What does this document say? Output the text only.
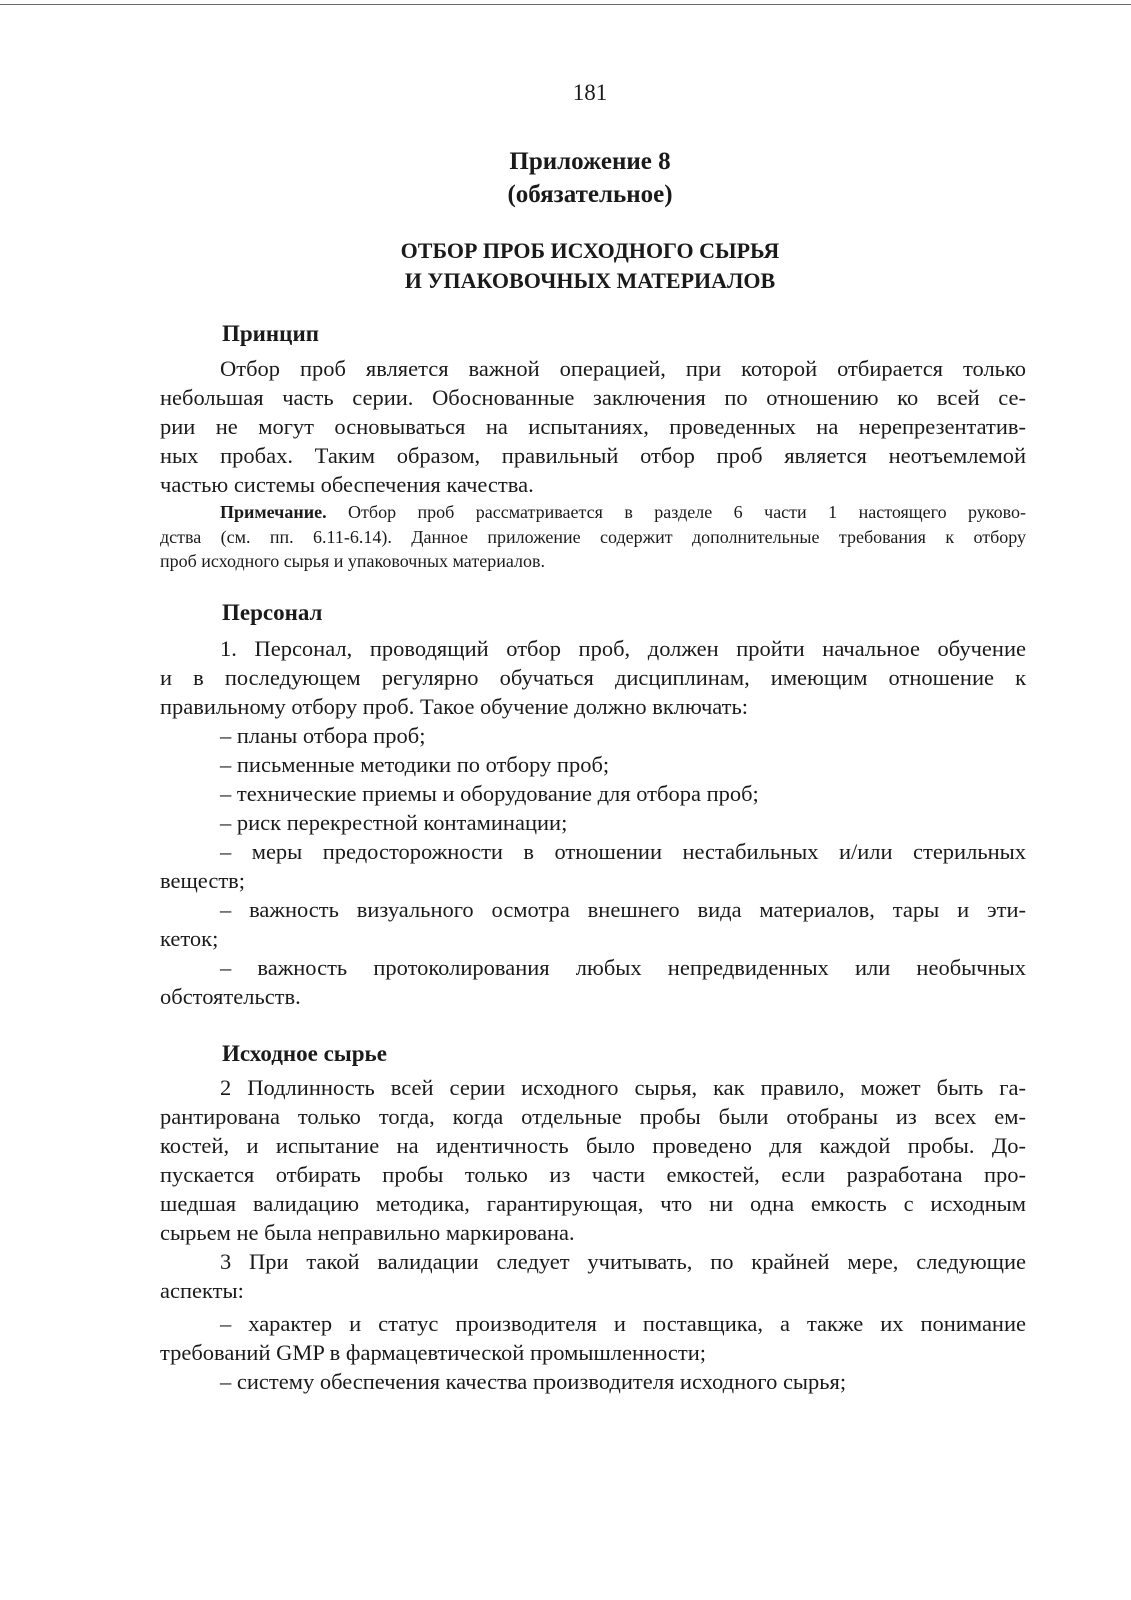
181
Приложение 8
(обязательное)
ОТБОР ПРОБ ИСХОДНОГО СЫРЬЯ
И УПАКОВОЧНЫХ МАТЕРИАЛОВ
Принцип
Отбор проб является важной операцией, при которой отбирается только
небольшая часть серии. Обоснованные заключения по отношению ко всей се-
рии не могут основываться на испытаниях, проведенных на нерепрезентатив-
ных пробах. Таким образом, правильный отбор проб является неотъемлемой
частью системы обеспечения качества.
Примечание. Отбор проб рассматривается в разделе 6 части 1 настоящего руково-
дства (см. пп. 6.11-6.14). Данное приложение содержит дополнительные требования к отбору
проб исходного сырья и упаковочных материалов.
Персонал
1. Персонал, проводящий отбор проб, должен пройти начальное обучение
и в последующем регулярно обучаться дисциплинам, имеющим отношение к
правильному отбору проб. Такое обучение должно включать:
– планы отбора проб;
– письменные методики по отбору проб;
– технические приемы и оборудование для отбора проб;
– риск перекрестной контаминации;
– меры предосторожности в отношении нестабильных и/или стерильных
веществ;
– важность визуального осмотра внешнего вида материалов, тары и эти-
кеток;
– важность протоколирования любых непредвиденных или необычных
обстоятельств.
Исходное сырье
2 Подлинность всей серии исходного сырья, как правило, может быть га-
рантирована только тогда, когда отдельные пробы были отобраны из всех ем-
костей, и испытание на идентичность было проведено для каждой пробы. До-
пускается отбирать пробы только из части емкостей, если разработана про-
шедшая валидацию методика, гарантирующая, что ни одна емкость с исходным
сырьем не была неправильно маркирована.
3 При такой валидации следует учитывать, по крайней мере, следующие
аспекты:
– характер и статус производителя и поставщика, а также их понимание
требований GMP в фармацевтической промышленности;
– систему обеспечения качества производителя исходного сырья;
